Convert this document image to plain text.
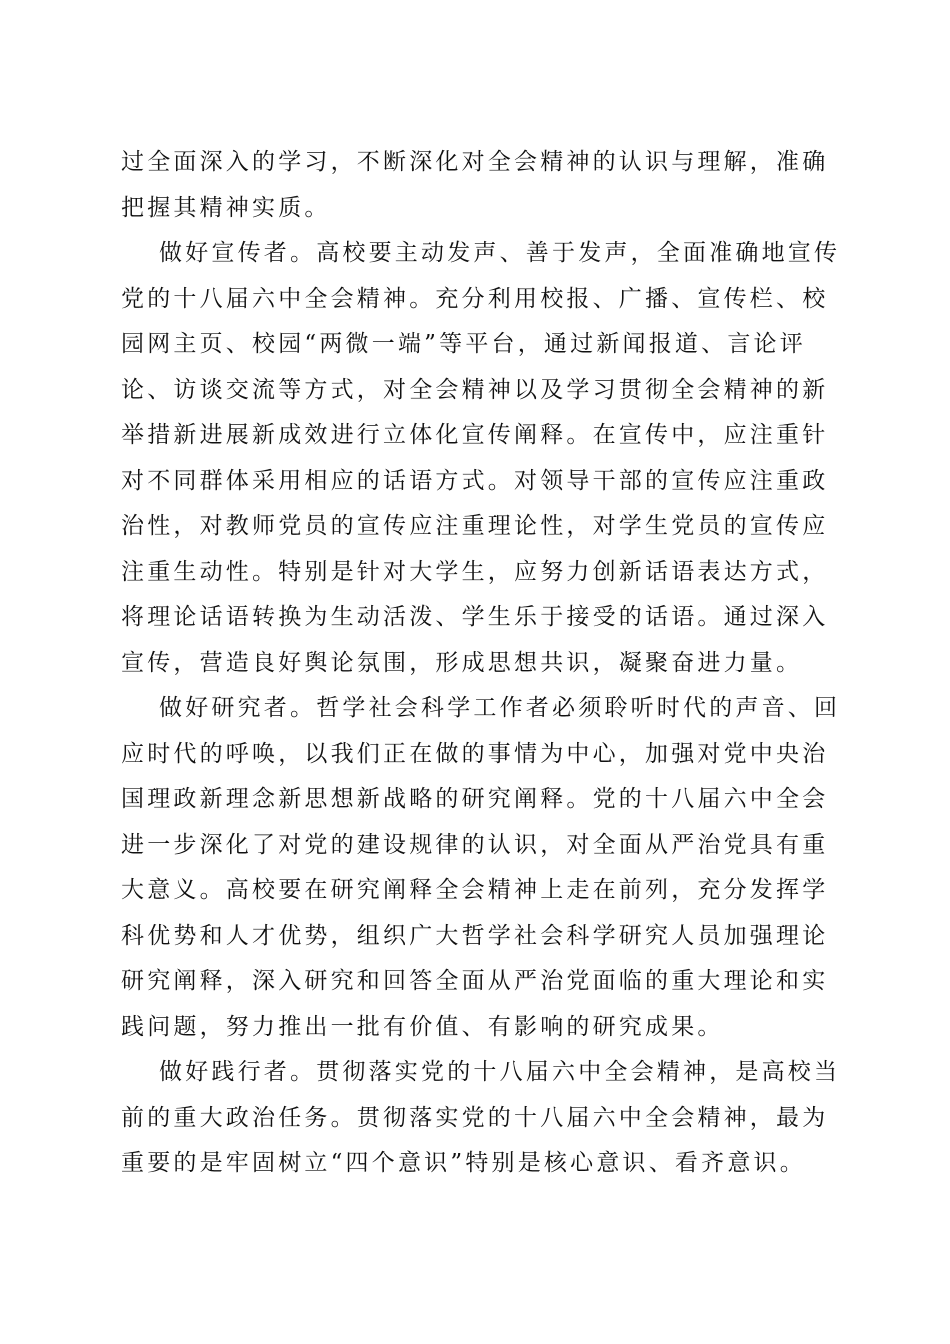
过全面深入的学习，不断深化对全会精神的认识与理解，准确
把握其精神实质。
做好宣传者。高校要主动发声、善于发声，全面准确地宣传
党的十八届六中全会精神。充分利用校报、广播、宣传栏、校
园网主页、校园“两微一端”等平台，通过新闻报道、言论评
论、访谈交流等方式，对全会精神以及学习贯彻全会精神的新
举措新进展新成效进行立体化宣传阐释。在宣传中，应注重针
对不同群体采用相应的话语方式。对领导干部的宣传应注重政
治性，对教师党员的宣传应注重理论性，对学生党员的宣传应
注重生动性。特别是针对大学生，应努力创新话语表达方式，
将理论话语转换为生动活泼、学生乐于接受的话语。通过深入
宣传，营造良好舆论氛围，形成思想共识，凝聚奋进力量。
做好研究者。哲学社会科学工作者必须聆听时代的声音、回
应时代的呼唤，以我们正在做的事情为中心，加强对党中央治
国理政新理念新思想新战略的研究阐释。党的十八届六中全会
进一步深化了对党的建设规律的认识，对全面从严治党具有重
大意义。高校要在研究阐释全会精神上走在前列，充分发挥学
科优势和人才优势，组织广大哲学社会科学研究人员加强理论
研究阐释，深入研究和回答全面从严治党面临的重大理论和实
践问题，努力推出一批有价值、有影响的研究成果。
做好践行者。贯彻落实党的十八届六中全会精神，是高校当
前的重大政治任务。贯彻落实党的十八届六中全会精神，最为
重要的是牢固树立“四个意识”特别是核心意识、看齐意识。
